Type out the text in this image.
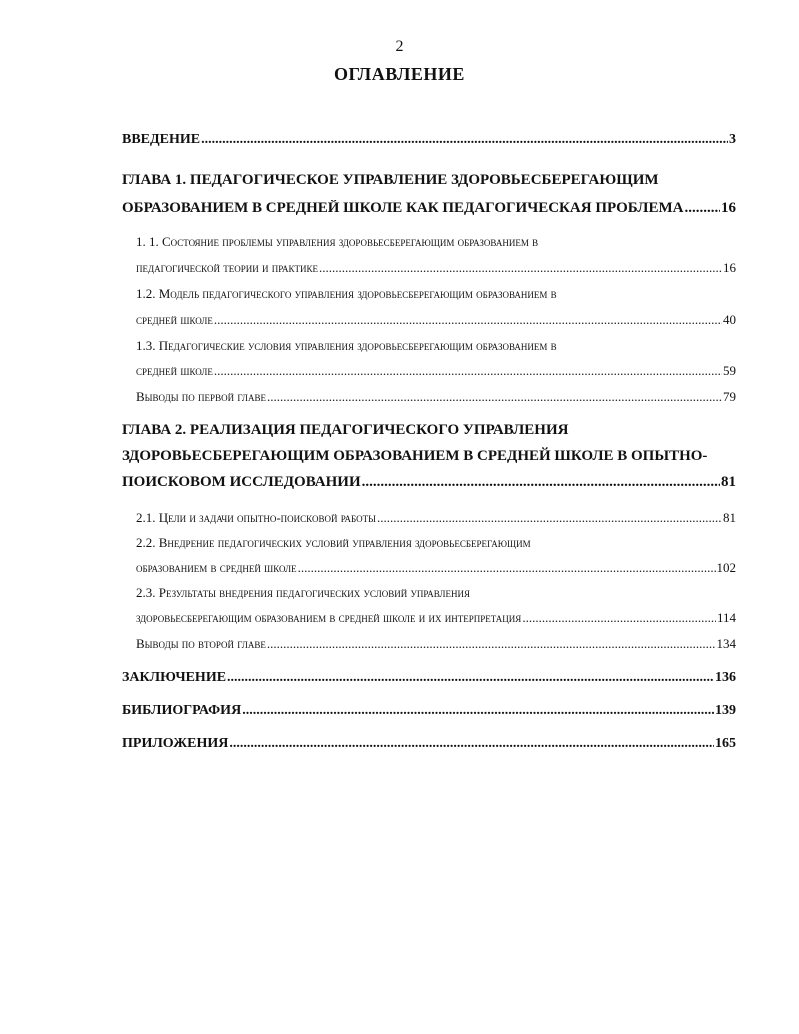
2
ОГЛАВЛЕНИЕ
ВВЕДЕНИЕ .....	3
ГЛАВА 1. ПЕДАГОГИЧЕСКОЕ УПРАВЛЕНИЕ ЗДОРОВЬЕСБЕРЕГАЮЩИМ
ОБРАЗОВАНИЕМ В СРЕДНЕЙ ШКОЛЕ КАК ПЕДАГОГИЧЕСКАЯ ПРОБЛЕМА .....	16
1. 1. Состояние проблемы управления здоровьесберегающим образованием в
педагогической теории и практике .....	16
1.2. Модель педагогического управления здоровьесберегающим образованием в
средней школе .....	40
1.3. Педагогические условия управления здоровьесберегающим образованием в
средней школе .....	59
Выводы по первой главе .....	79
ГЛАВА 2. РЕАЛИЗАЦИЯ ПЕДАГОГИЧЕСКОГО УПРАВЛЕНИЯ
ЗДОРОВЬЕСБЕРЕГАЮЩИМ ОБРАЗОВАНИЕМ В СРЕДНЕЙ ШКОЛЕ В ОПЫТНО-
ПОИСКОВОМ ИССЛЕДОВАНИИ .....	81
2.1. Цели и задачи опытно-поисковой работы .....	81
2.2. Внедрение педагогических условий управления здоровьесберегающим
образованием в средней школе .....	102
2.3. Результаты внедрения педагогических условий управления
здоровьесберегающим образованием в средней школе и их интерпретация .....	114
Выводы по второй главе .....	134
ЗАКЛЮЧЕНИЕ .....	136
БИБЛИОГРАФИЯ .....	139
ПРИЛОЖЕНИЯ .....	165
